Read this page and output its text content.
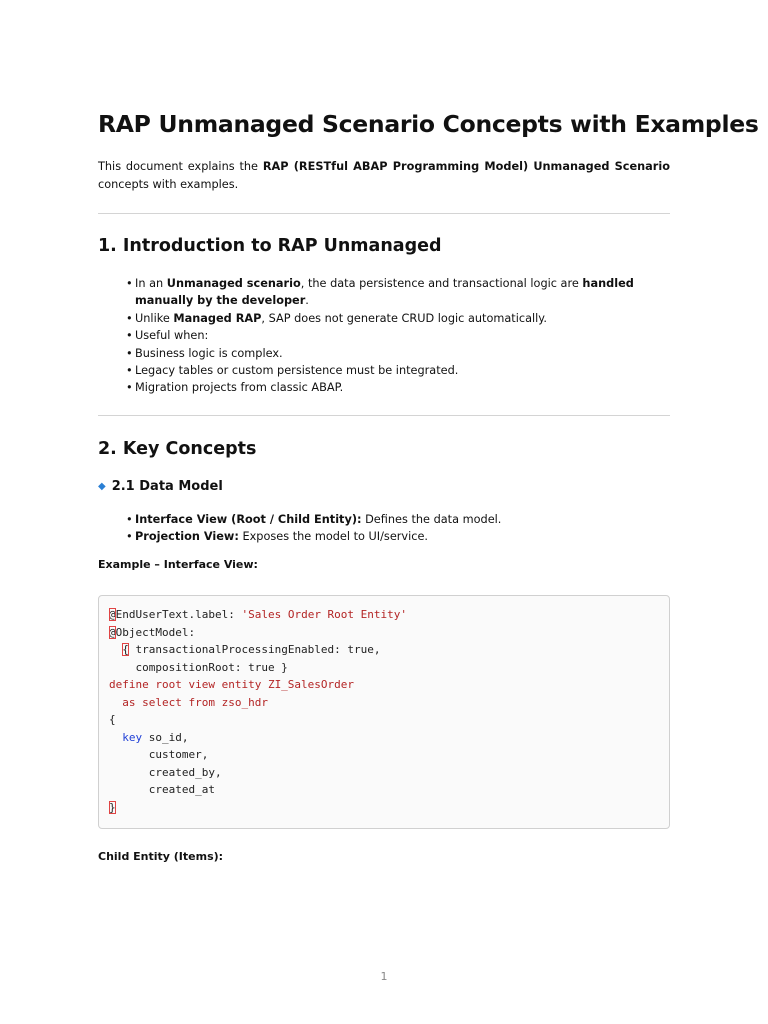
RAP Unmanaged Scenario Concepts with Examples

This document explains the RAP (RESTful ABAP Programming Model) Unmanaged Scenario concepts with examples.

1. Introduction to RAP Unmanaged
• In an Unmanaged scenario, the data persistence and transactional logic are handled manually by the developer.
• Unlike Managed RAP, SAP does not generate CRUD logic automatically.
• Useful when:
• Business logic is complex.
• Legacy tables or custom persistence must be integrated.
• Migration projects from classic ABAP.
2. Key Concepts
◆ 2.1 Data Model
• Interface View (Root / Child Entity): Defines the data model.
• Projection View: Exposes the model to UI/service.

Example – Interface View:

@EndUserText.label: 'Sales Order Root Entity'
@ObjectModel:
{ transactionalProcessingEnabled: true,
compositionRoot: true }
define root view entity ZI_SalesOrder
as select from zso_hdr
{
key so_id,
customer,
created_by,
created_at
}

Child Entity (Items):

1
